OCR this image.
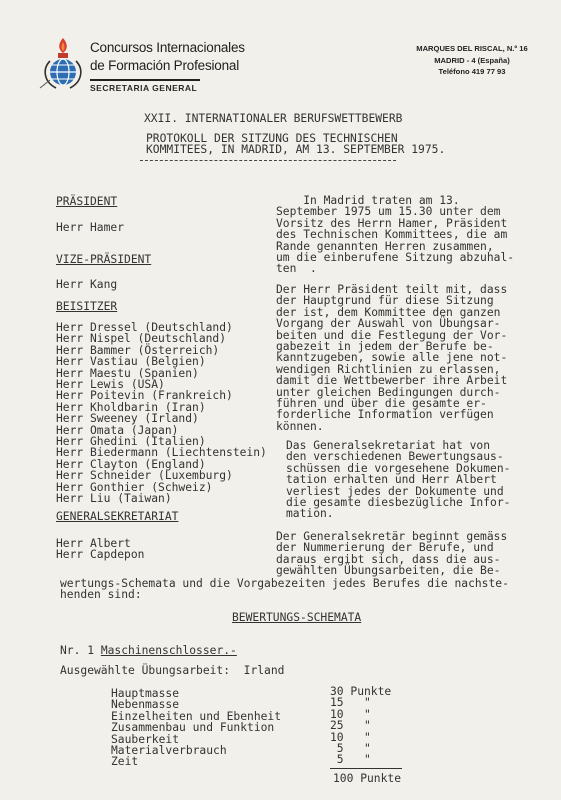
Concursos Internacionales
de Formación Profesional
SECRETARIA GENERAL
MARQUES DEL RISCAL, N.º 16
MADRID - 4 (España)
Teléfono 419 77 93
XXII. INTERNATIONALER BERUFSWETTBEWERB
PROTOKOLL DER SITZUNG DES TECHNISCHEN
KOMMITEES, IN MADRID, AM 13. SEPTEMBER 1975.
PRÄSIDENT
Herr Hamer
VIZE-PRÄSIDENT
Herr Kang
BEISITZER
Herr Dressel (Deutschland)
Herr Nispel (Deutschland)
Herr Bammer (Österreich)
Herr Vastiau (Belgien)
Herr Maestu (Spanien)
Herr Lewis (USA)
Herr Poitevin (Frankreich)
Herr Kholdbarin (Iran)
Herr Sweeney (Irland)
Herr Omata (Japan)
Herr Ghedini (Italien)
Herr Biedermann (Liechtenstein)
Herr Clayton (England)
Herr Schneider (Luxemburg)
Herr Gonthier (Schweiz)
Herr Liu (Taiwan)
GENERALSEKRETARIAT
Herr Albert
Herr Capdepon
In Madrid traten am 13.
September 1975 um 15.30 unter dem
Vorsitz des Herrn Hamer, Präsident
des Technischen Kommittees, die am
Rande genannten Herren zusammen,
um die einberufene Sitzung abzuhal-
ten  .
Der Herr Präsident teilt mit, dass
der Hauptgrund für diese Sitzung
der ist, dem Kommittee den ganzen
Vorgang der Auswahl von Übungsar-
beiten und die Festlegung der Vor-
gabezeit in jedem der Berufe be-
kanntzugeben, sowie alle jene not-
wendigen Richtlinien zu erlassen,
damit die Wettbewerber ihre Arbeit
unter gleichen Bedingungen durch-
führen und über die gesamte er-
forderliche Information verfügen
können.
Das Generalsekretariat hat von
den verschiedenen Bewertungsaus-
schüssen die vorgesehene Dokumen-
tation erhalten und Herr Albert
verliest jedes der Dokumente und
die gesamte diesbezügliche Infor-
mation.
Der Generalsekretär beginnt gemäss
der Nummerierung der Berufe, und
daraus ergibt sich, dass die aus-
gewählten Übungsarbeiten, die Be-
wertungs-Schemata und die Vorgabezeiten jedes Berufes die nachste-
henden sind:
BEWERTUNGS-SCHEMATA
Nr. 1 Maschinenschlosser.-
Ausgewählte Übungsarbeit: Irland
Hauptmasse
Nebenmasse
Einzelheiten und Ebenheit
Zusammenbau und Funktion
Sauberkeit
Materialverbrauch
Zeit
30 Punkte
15   "
10   "
25   "
10   "
5   "
5   "
100 Punkte
